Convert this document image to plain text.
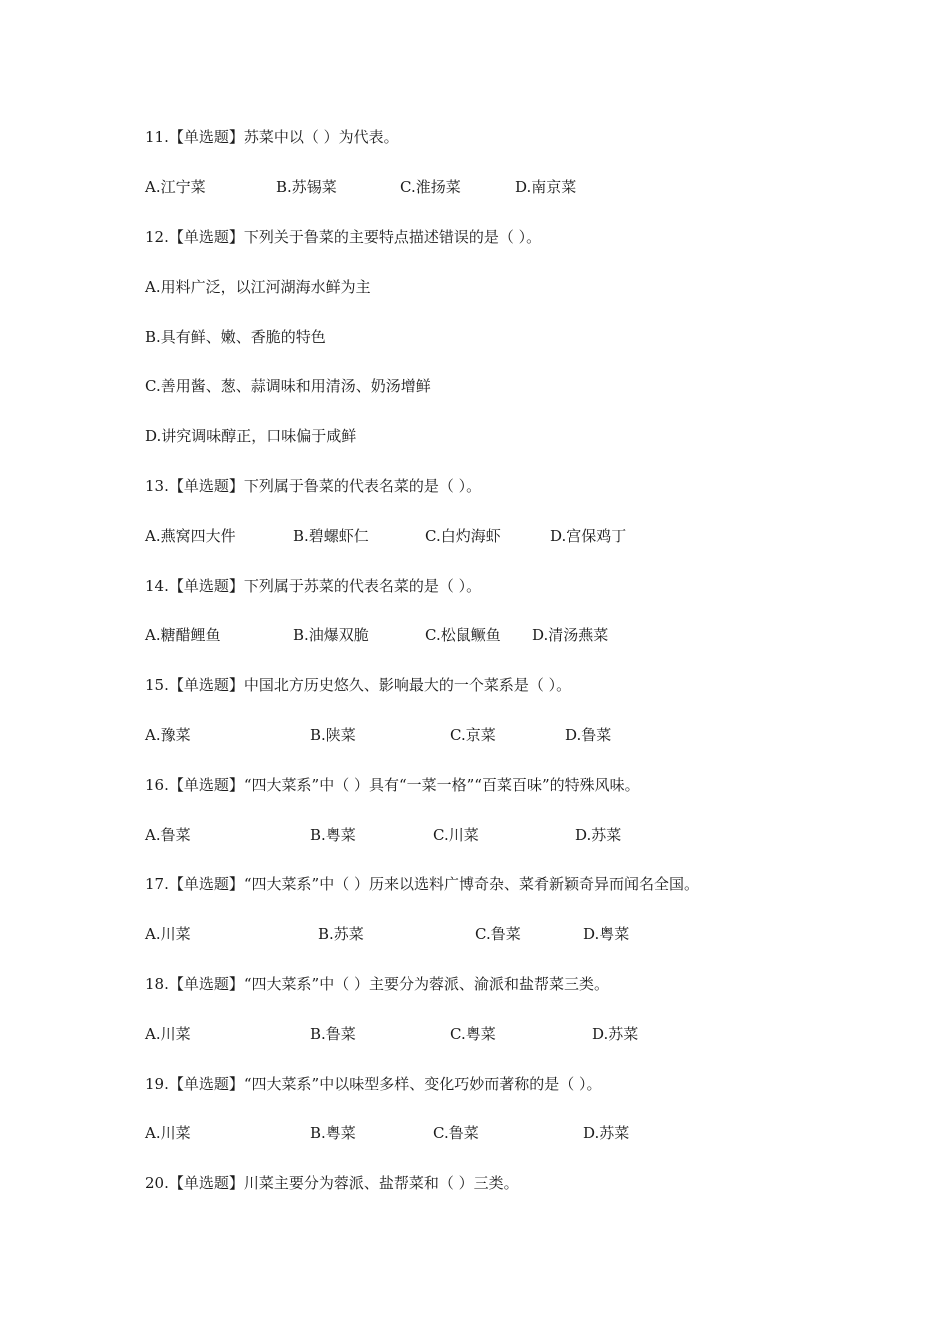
11.【单选题】苏菜中以（ ）为代表。
A.江宁菜	B.苏锡菜	C.淮扬菜	D.南京菜
12.【单选题】下列关于鲁菜的主要特点描述错误的是（ ）。
A.用料广泛，以江河湖海水鲜为主
B.具有鲜、嫩、香脆的特色
C.善用酱、葱、蒜调味和用清汤、奶汤增鲜
D.讲究调味醇正，口味偏于咸鲜
13.【单选题】下列属于鲁菜的代表名菜的是（ ）。
A.燕窝四大件	B.碧螺虾仁	C.白灼海虾	D.宫保鸡丁
14.【单选题】下列属于苏菜的代表名菜的是（ ）。
A.糖醋鲤鱼	B.油爆双脆	C.松鼠鳜鱼 D.清汤燕菜
15.【单选题】中国北方历史悠久、影响最大的一个菜系是（ ）。
A.豫菜	B.陕菜	C.京菜	D.鲁菜
16.【单选题】“四大菜系”中（ ）具有“一菜一格”“百菜百味”的特殊风味。
A.鲁菜	B.粤菜	C.川菜	D.苏菜
17.【单选题】“四大菜系”中（ ）历来以选料广博奇杂、菜肴新颖奇异而闻名全国。
A.川菜	B.苏菜	C.鲁菜	D.粤菜
18.【单选题】“四大菜系”中（ ）主要分为蓉派、渝派和盐帮菜三类。
A.川菜	B.鲁菜	C.粤菜	D.苏菜
19.【单选题】“四大菜系”中以味型多样、变化巧妙而著称的是（ ）。
A.川菜	B.粤菜	C.鲁菜	D.苏菜
20.【单选题】川菜主要分为蓉派、盐帮菜和（ ）三类。
